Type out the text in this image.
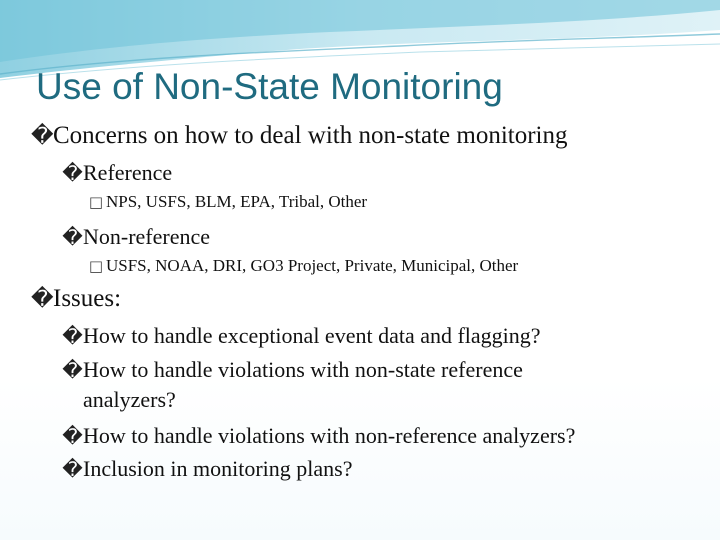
Use of Non-State Monitoring
�Concerns on how to deal with non-state monitoring
�Reference
□ NPS, USFS, BLM, EPA, Tribal, Other
�Non-reference
□ USFS, NOAA, DRI, GO3 Project, Private, Municipal, Other
�Issues:
�How to handle exceptional event data and flagging?
�How to handle violations with non-state reference
analyzers?
�How to handle violations with non-reference analyzers?
�Inclusion in monitoring plans?
